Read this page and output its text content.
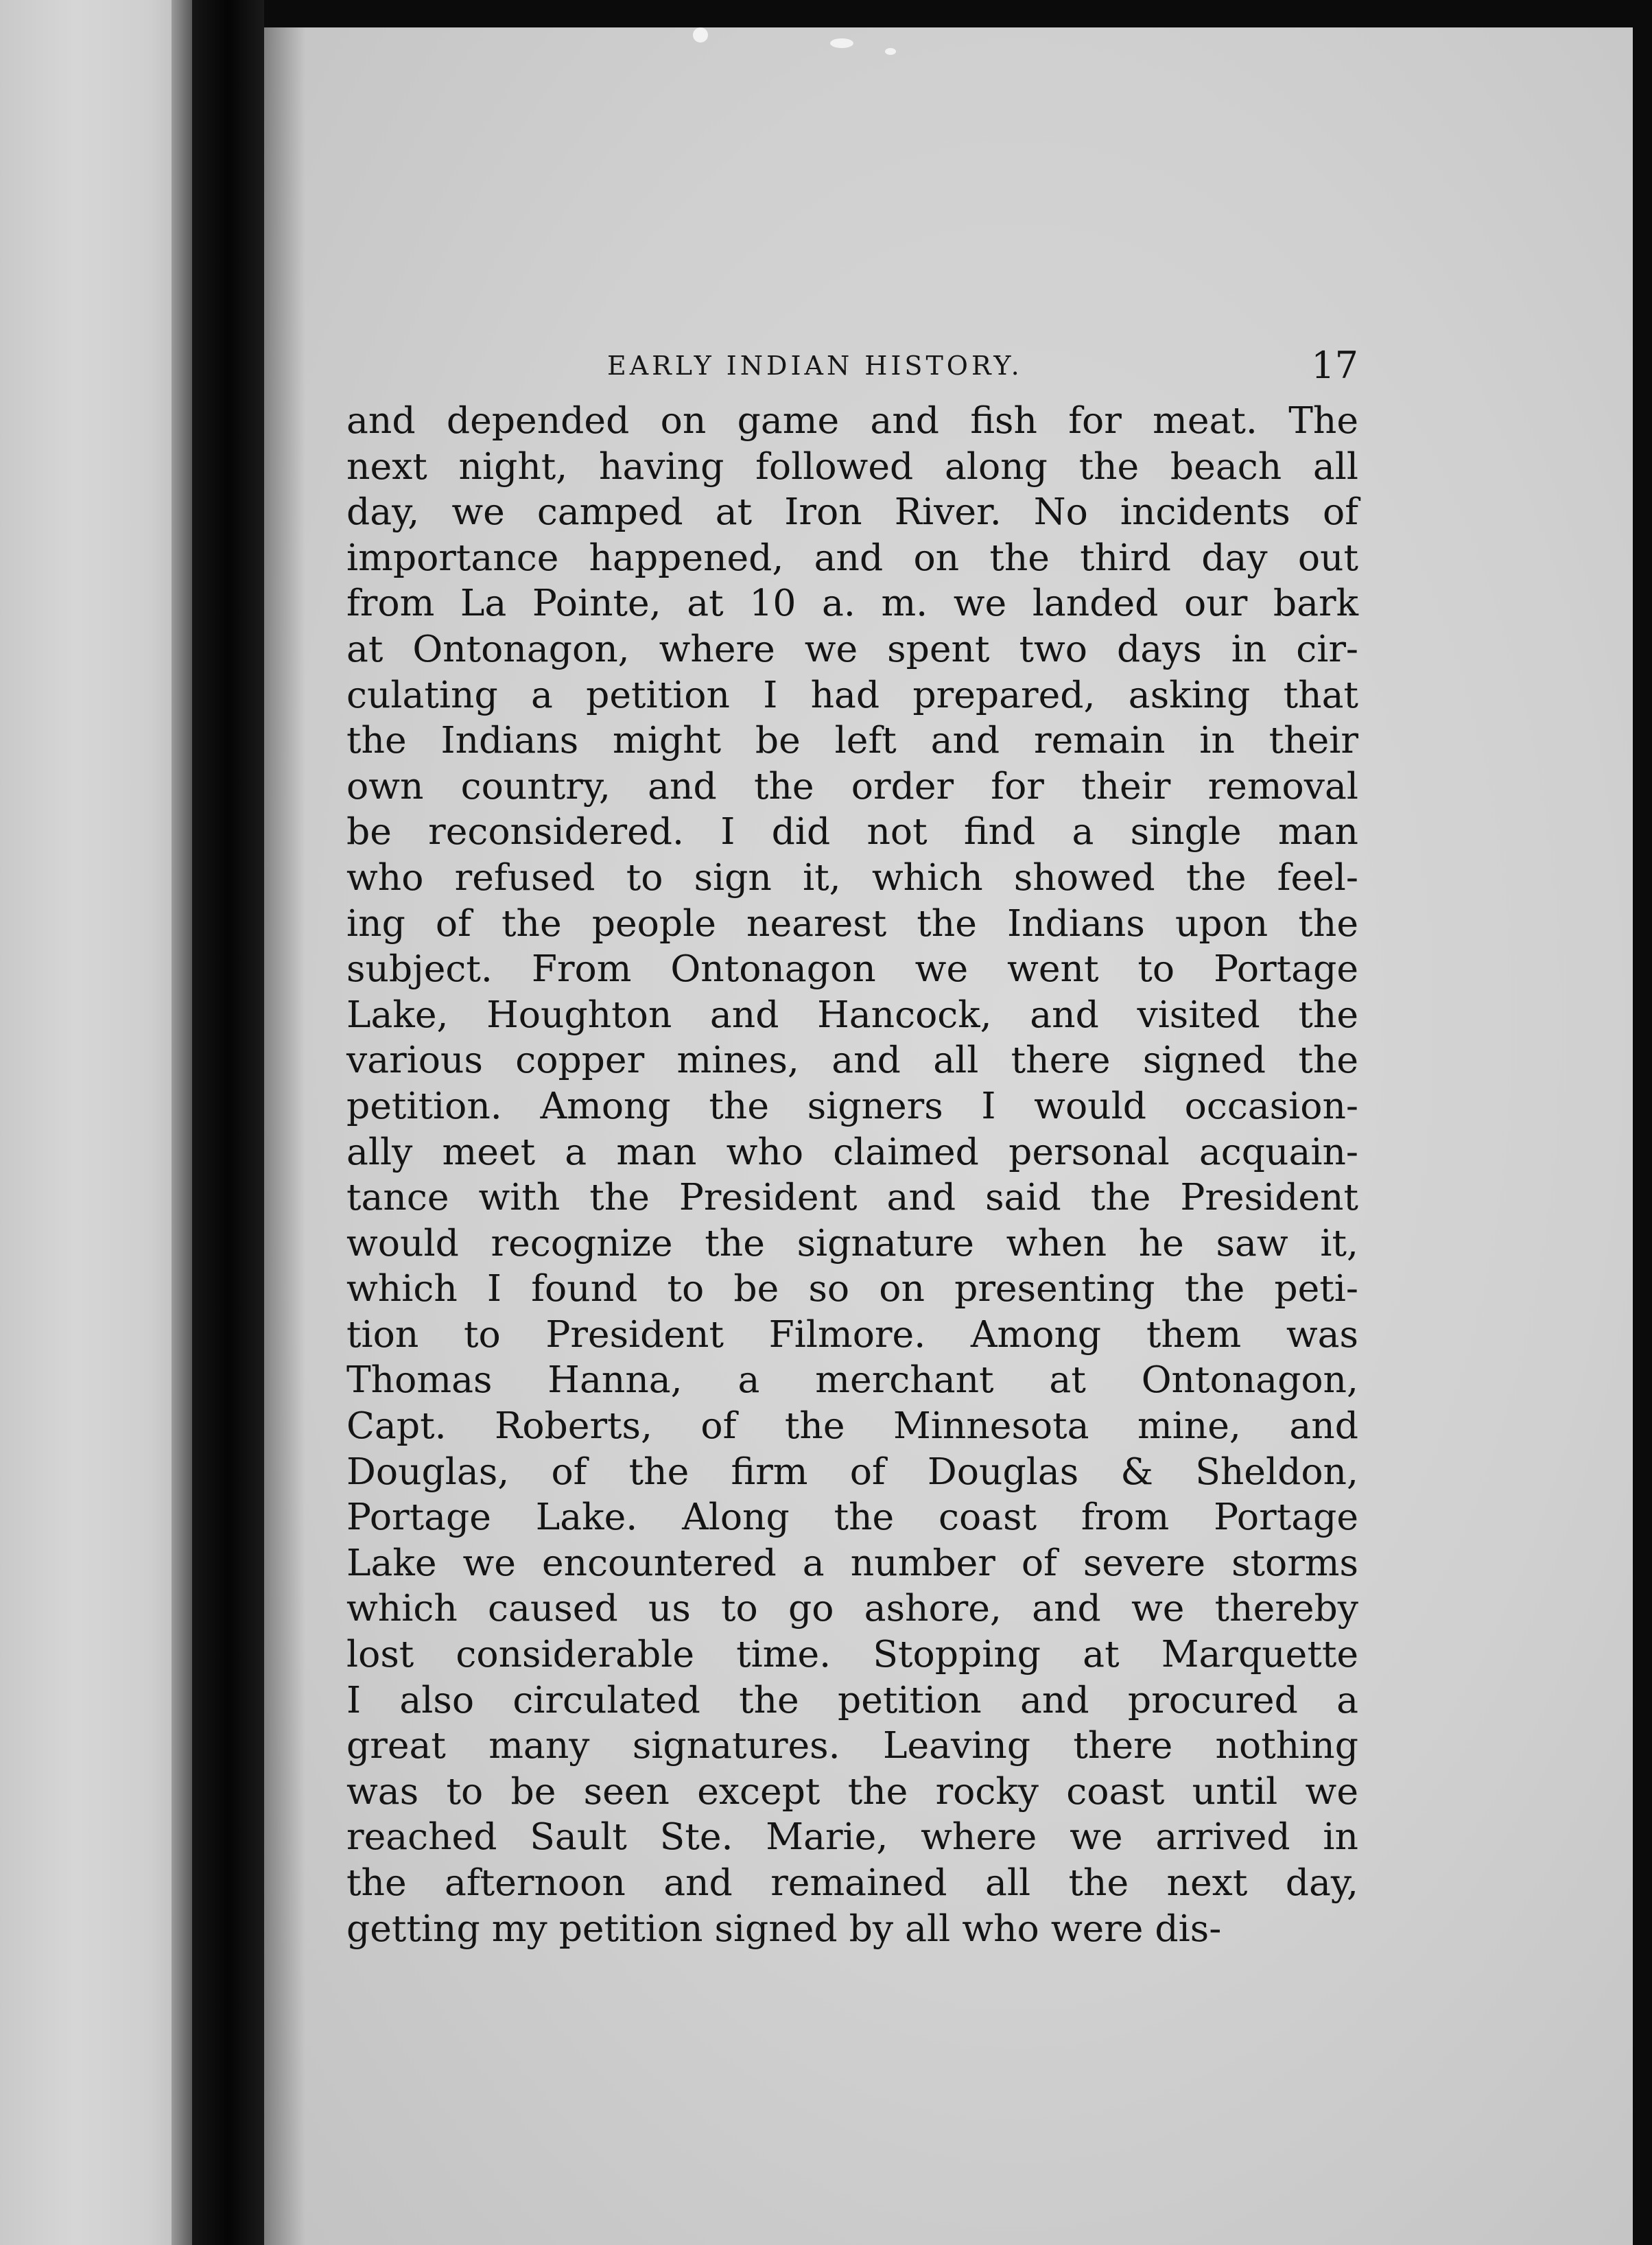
EARLY INDIAN HISTORY.	17
and depended on game and fish for meat. The
next night, having followed along the beach all
day, we camped at Iron River. No incidents of
importance happened, and on the third day out
from La Pointe, at 10 a. m. we landed our bark
at Ontonagon, where we spent two days in cir-
culating a petition I had prepared, asking that
the Indians might be left and remain in their
own country, and the order for their removal
be reconsidered. I did not find a single man
who refused to sign it, which showed the feel-
ing of the people nearest the Indians upon the
subject. From Ontonagon we went to Portage
Lake, Houghton and Hancock, and visited the
various copper mines, and all there signed the
petition. Among the signers I would occasion-
ally meet a man who claimed personal acquain-
tance with the President and said the President
would recognize the signature when he saw it,
which I found to be so on presenting the peti-
tion to President Filmore. Among them was
Thomas Hanna, a merchant at Ontonagon,
Capt. Roberts, of the Minnesota mine, and
Douglas, of the firm of Douglas & Sheldon,
Portage Lake. Along the coast from Portage
Lake we encountered a number of severe storms
which caused us to go ashore, and we thereby
lost considerable time. Stopping at Marquette
I also circulated the petition and procured a
great many signatures. Leaving there nothing
was to be seen except the rocky coast until we
reached Sault Ste. Marie, where we arrived in
the afternoon and remained all the next day,
getting my petition signed by all who were dis-
